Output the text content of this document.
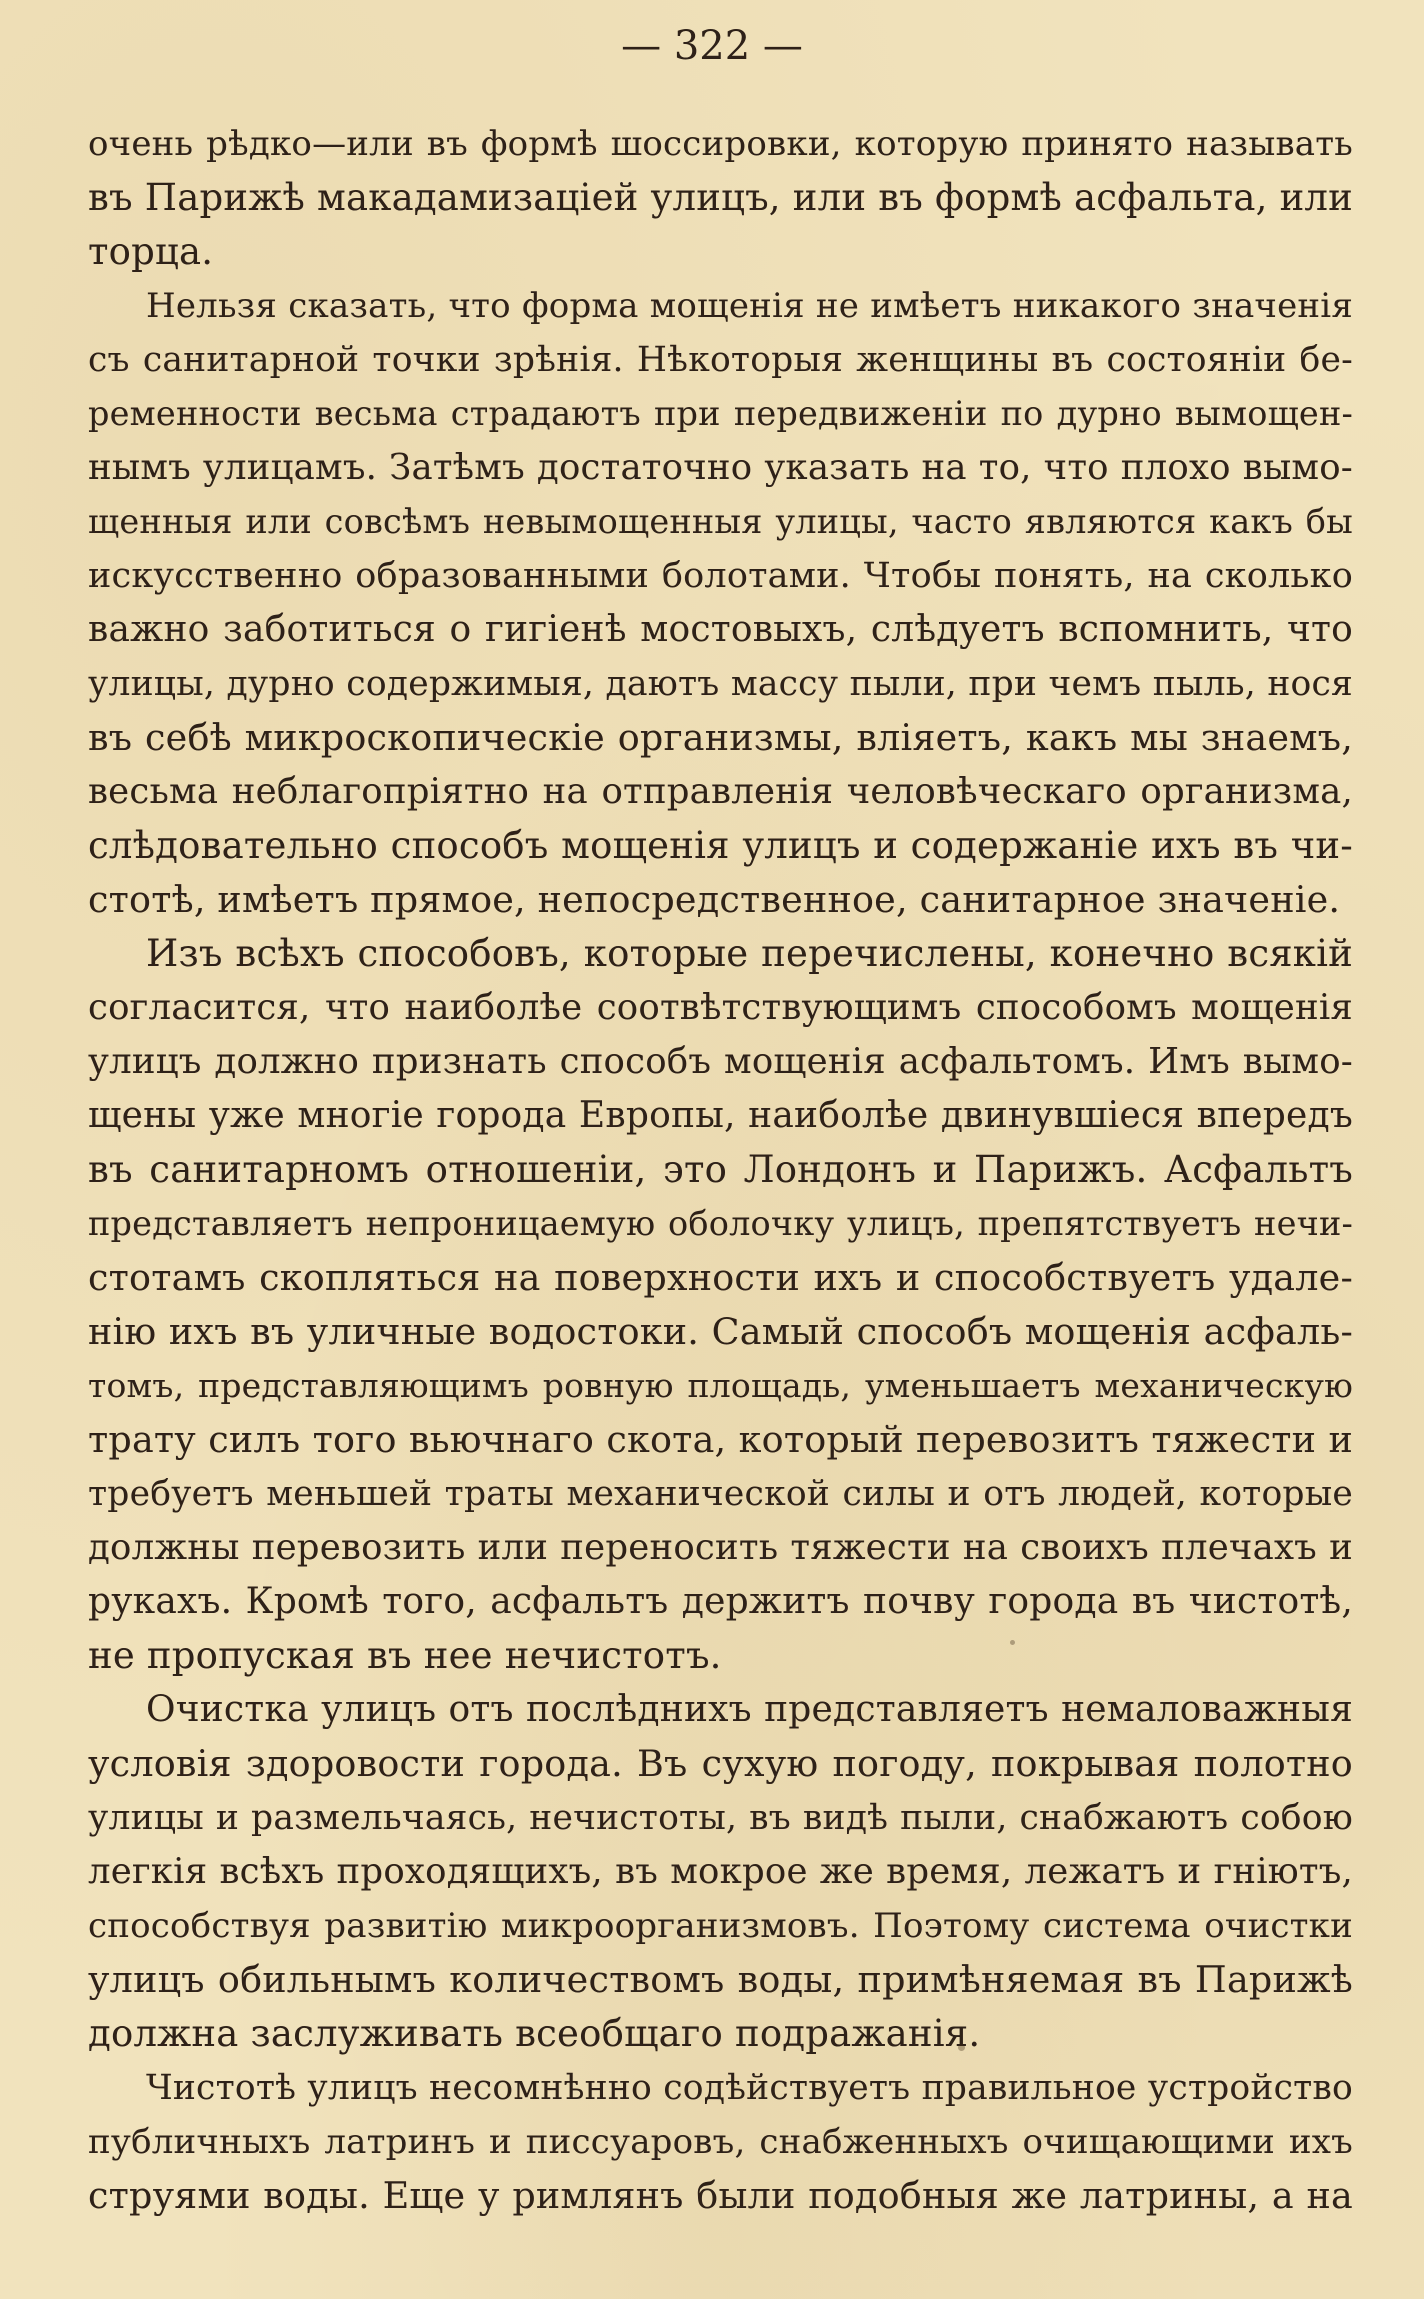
— 322 —
очень рѣдко—или въ формѣ шоссировки, которую принято называть
въ Парижѣ макадамизаціей улицъ, или въ формѣ асфальта, или
торца.
Нельзя сказать, что форма мощенія не имѣетъ никакого значенія
съ санитарной точки зрѣнія. Нѣкоторыя женщины въ состояніи бе-
ременности весьма страдаютъ при передвиженіи по дурно вымощен-
нымъ улицамъ. Затѣмъ достаточно указать на то, что плохо вымо-
щенныя или совсѣмъ невымощенныя улицы, часто являются какъ бы
искусственно образованными болотами. Чтобы понять, на сколько
важно заботиться о гигіенѣ мостовыхъ, слѣдуетъ вспомнить, что
улицы, дурно содержимыя, даютъ массу пыли, при чемъ пыль, нося
въ себѣ микроскопическіе организмы, вліяетъ, какъ мы знаемъ,
весьма неблагопріятно на отправленія человѣческаго организма,
слѣдовательно способъ мощенія улицъ и содержаніе ихъ въ чи-
стотѣ, имѣетъ прямое, непосредственное, санитарное значеніе.
Изъ всѣхъ способовъ, которые перечислены, конечно всякій
согласится, что наиболѣе соотвѣтствующимъ способомъ мощенія
улицъ должно признать способъ мощенія асфальтомъ. Имъ вымо-
щены уже многіе города Европы, наиболѣе двинувшіеся впередъ
въ санитарномъ отношеніи, это Лондонъ и Парижъ. Асфальтъ
представляетъ непроницаемую оболочку улицъ, препятствуетъ нечи-
стотамъ скопляться на поверхности ихъ и способствуетъ удале-
нію ихъ въ уличные водостоки. Самый способъ мощенія асфаль-
томъ, представляющимъ ровную площадь, уменьшаетъ механическую
трату силъ того вьючнаго скота, который перевозитъ тяжести и
требуетъ меньшей траты механической силы и отъ людей, которые
должны перевозить или переносить тяжести на своихъ плечахъ и
рукахъ. Кромѣ того, асфальтъ держитъ почву города въ чистотѣ,
не пропуская въ нее нечистотъ.
Очистка улицъ отъ послѣднихъ представляетъ немаловажныя
условія здоровости города. Въ сухую погоду, покрывая полотно
улицы и размельчаясь, нечистоты, въ видѣ пыли, снабжаютъ собою
легкія всѣхъ проходящихъ, въ мокрое же время, лежатъ и гніютъ,
способствуя развитію микроорганизмовъ. Поэтому система очистки
улицъ обильнымъ количествомъ воды, примѣняемая въ Парижѣ
должна заслуживать всеобщаго подражанія.
Чистотѣ улицъ несомнѣнно содѣйствуетъ правильное устройство
публичныхъ латринъ и писсуаровъ, снабженныхъ очищающими ихъ
струями воды. Еще у римлянъ были подобныя же латрины, а на
